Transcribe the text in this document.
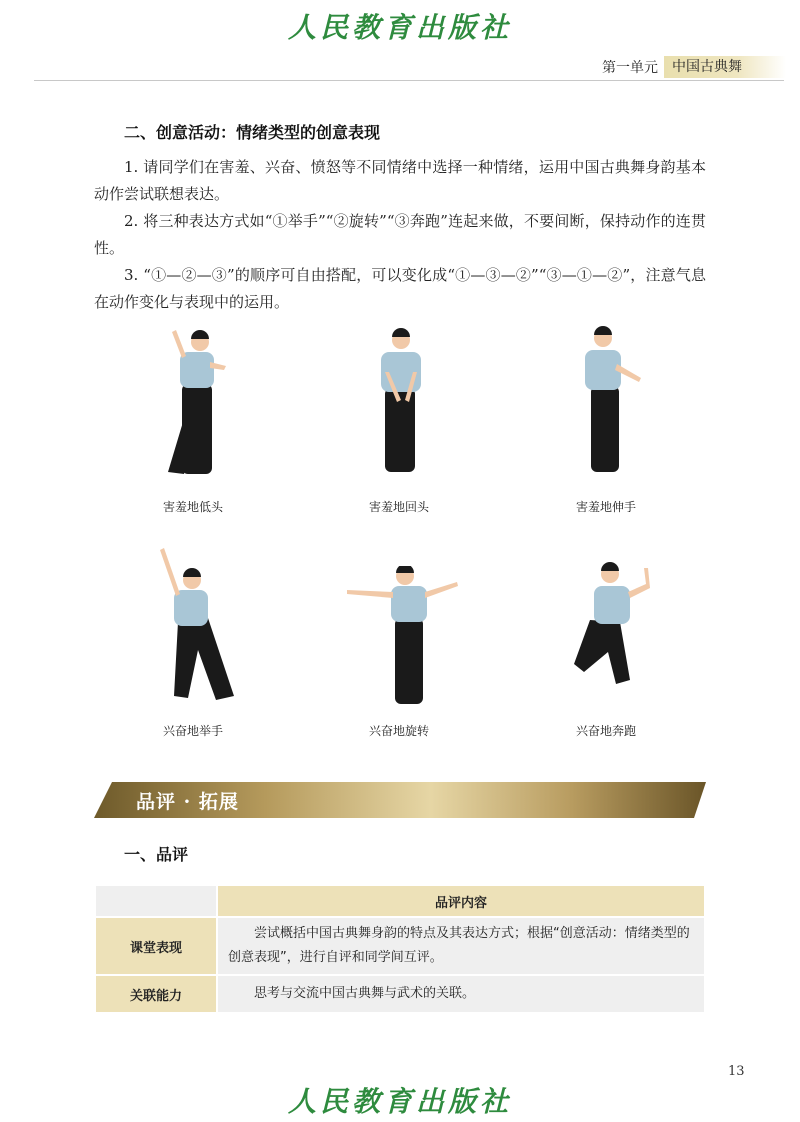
人民教育出版社
第一单元	中国古典舞
二、创意活动：情绪类型的创意表现
1. 请同学们在害羞、兴奋、愤怒等不同情绪中选择一种情绪，运用中国古典舞身韵基本动作尝试联想表达。
2. 将三种表达方式如“①举手”“②旋转”“③奔跑”连起来做，不要间断，保持动作的连贯性。
3. “①—②—③”的顺序可自由搭配，可以变化成“①—③—②”“③—①—②”，注意气息在动作变化与表现中的运用。
害羞地低头	害羞地回头	害羞地伸手
兴奋地举手	兴奋地旋转	兴奋地奔跑
品评 · 拓展
一、品评
	品评内容
课堂表现	尝试概括中国古典舞身韵的特点及其表达方式；根据“创意活动：情绪类型的创意表现”，进行自评和同学间互评。
关联能力	思考与交流中国古典舞与武术的关联。
13
人民教育出版社
